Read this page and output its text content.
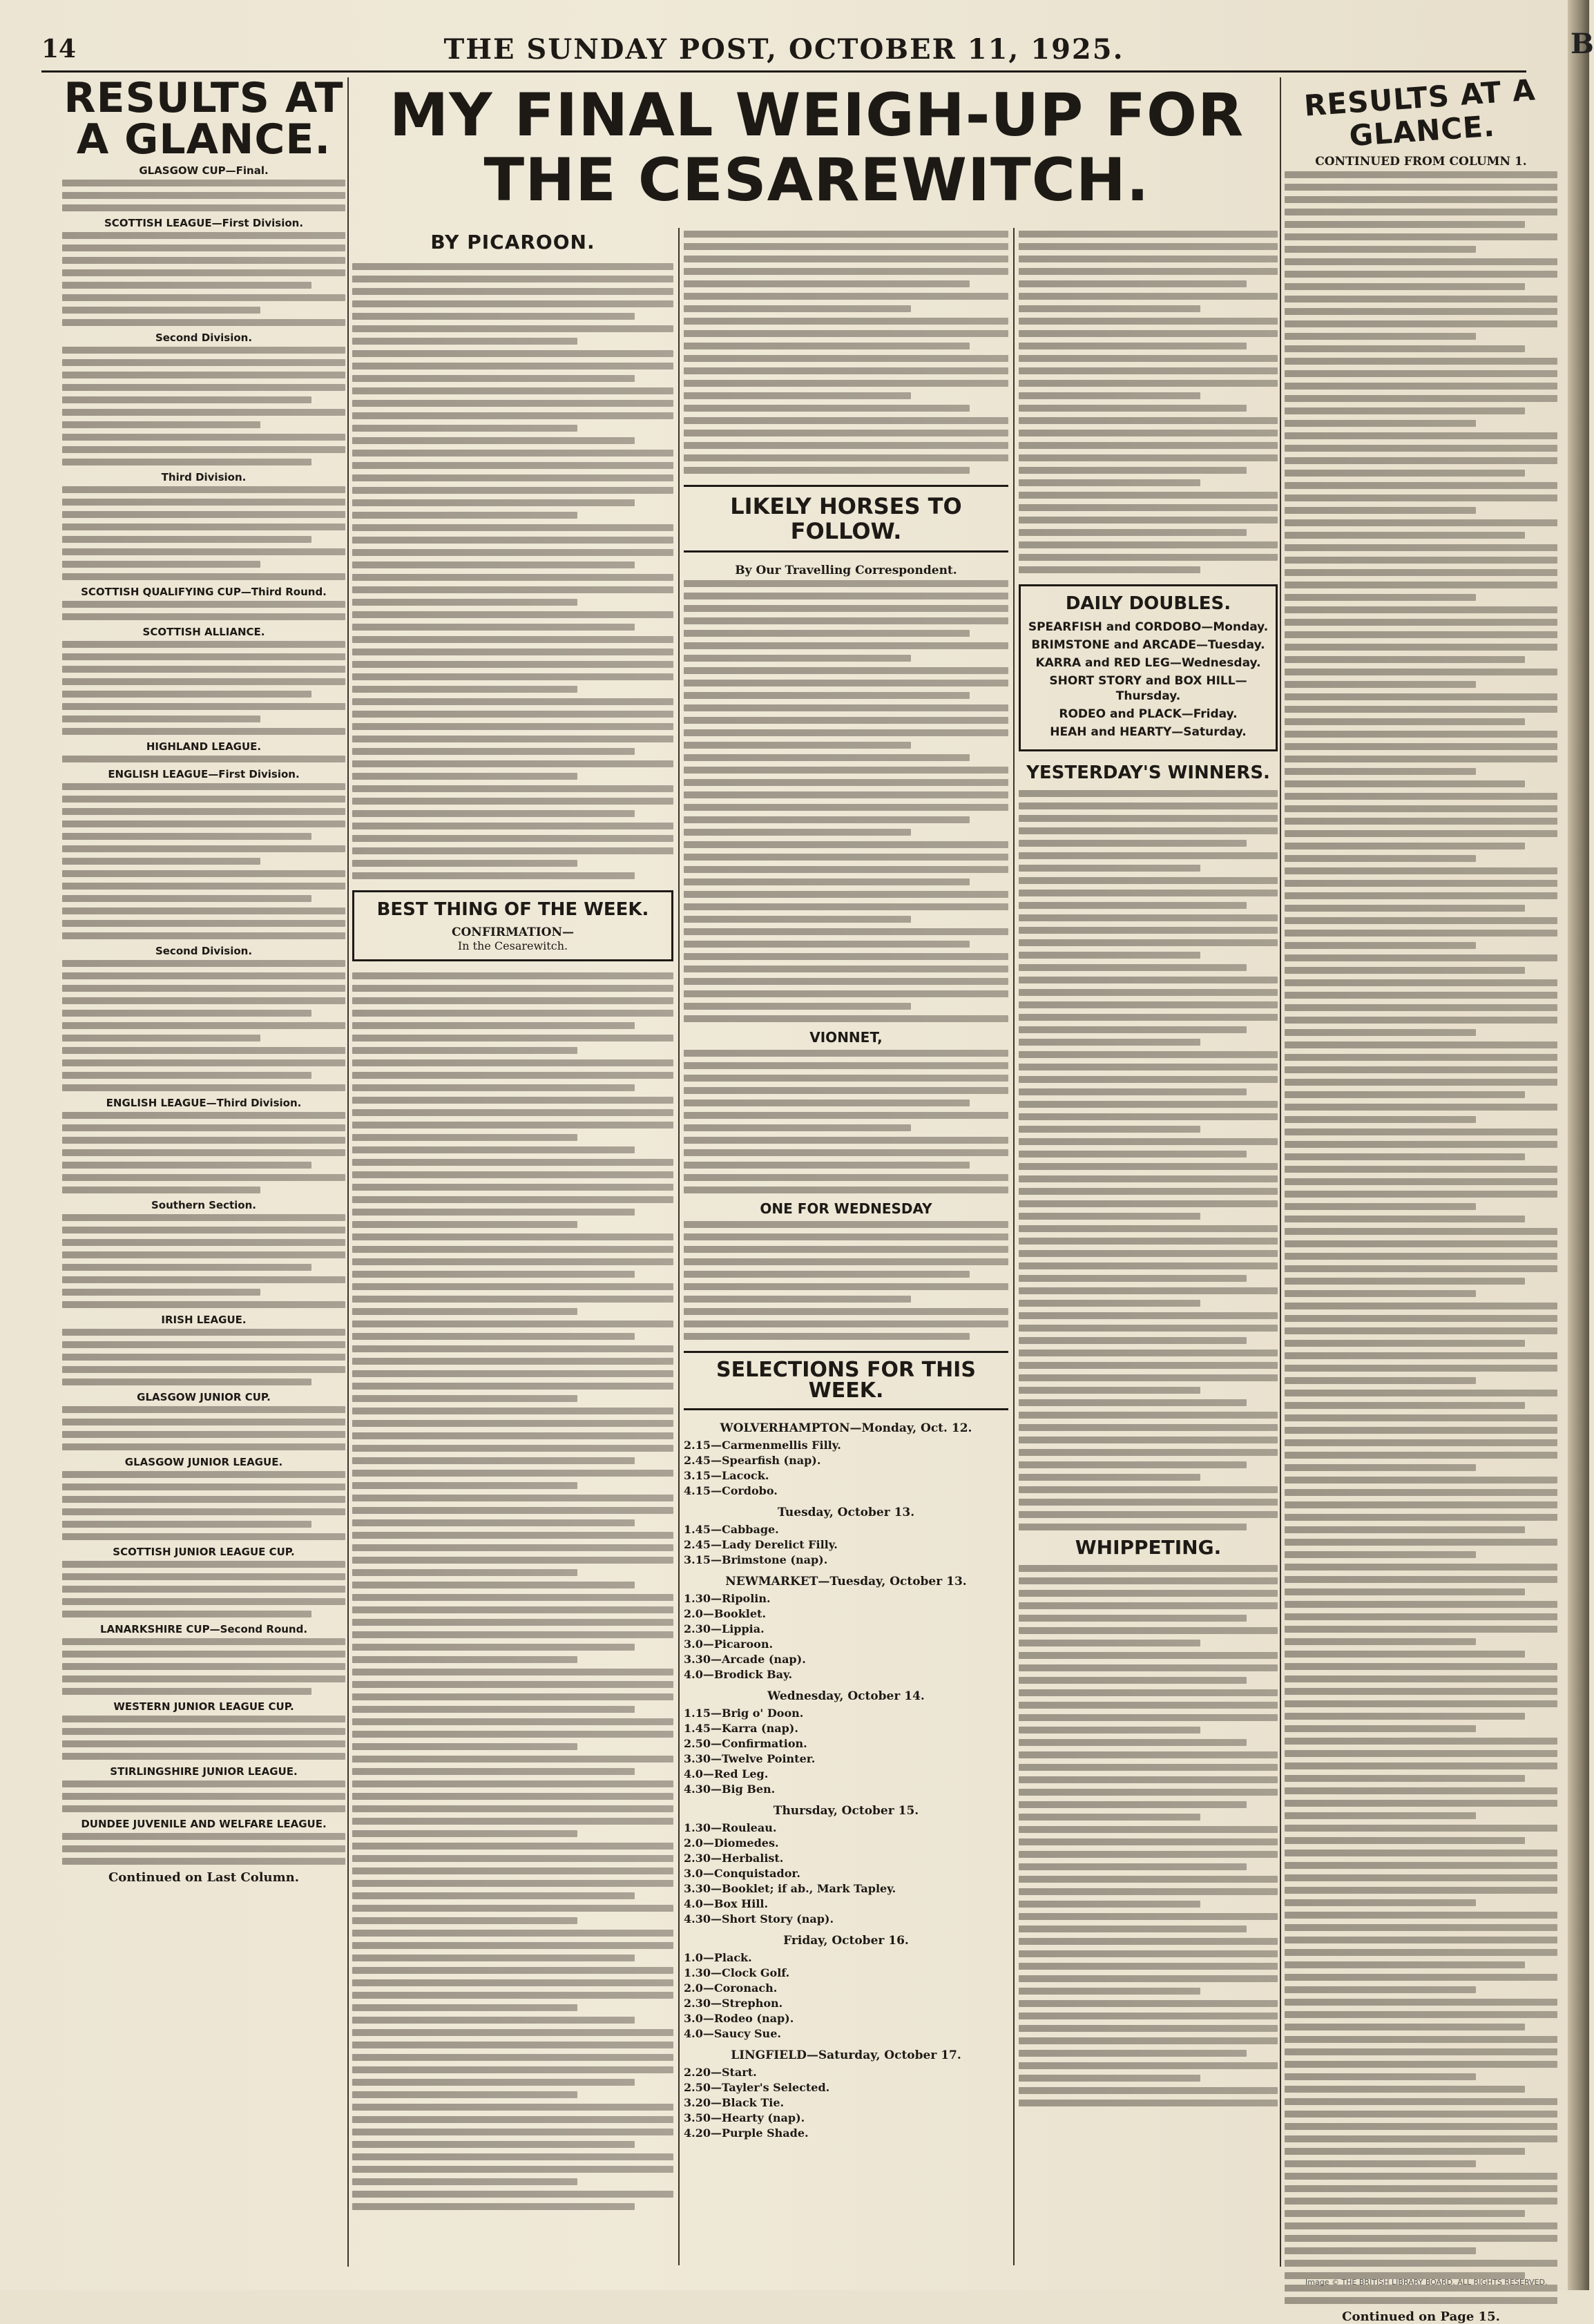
B
14	THE SUNDAY POST, OCTOBER 11, 1925.
RESULTS AT A GLANCE.
GLASGOW CUP—Final.
SCOTTISH LEAGUE—First Division.
Second Division.
Third Division.
SCOTTISH QUALIFYING CUP—Third Round.
SCOTTISH ALLIANCE.
HIGHLAND LEAGUE.
ENGLISH LEAGUE—First Division.
Second Division.
ENGLISH LEAGUE—Third Division.
Southern Section.
IRISH LEAGUE.
GLASGOW JUNIOR CUP.
GLASGOW JUNIOR LEAGUE.
SCOTTISH JUNIOR LEAGUE CUP.
LANARKSHIRE CUP—Second Round.
WESTERN JUNIOR LEAGUE CUP.
STIRLINGSHIRE JUNIOR LEAGUE.
DUNDEE JUVENILE AND WELFARE LEAGUE.
Continued on Last Column.
MY FINAL WEIGH-UP FOR THE CESAREWITCH.
BY PICAROON.
BEST THING OF THE WEEK.
CONFIRMATION—
In the Cesarewitch.
LIKELY HORSES TO FOLLOW.
By Our Travelling Correspondent.
VIONNET,
ONE FOR WEDNESDAY
SELECTIONS FOR THIS WEEK.
WOLVERHAMPTON—Monday, Oct. 12.
2.15—Carmenmellis Filly.
2.45—Spearfish (nap).
3.15—Lacock.
4.15—Cordobo.
Tuesday, October 13.
1.45—Cabbage.
2.45—Lady Derelict Filly.
3.15—Brimstone (nap).
NEWMARKET—Tuesday, October 13.
1.30—Ripolin.
2.0—Booklet.
2.30—Lippia.
3.0—Picaroon.
3.30—Arcade (nap).
4.0—Brodick Bay.
Wednesday, October 14.
1.15—Brig o' Doon.
1.45—Karra (nap).
2.50—Confirmation.
3.30—Twelve Pointer.
4.0—Red Leg.
4.30—Big Ben.
Thursday, October 15.
1.30—Rouleau.
2.0—Diomedes.
2.30—Herbalist.
3.0—Conquistador.
3.30—Booklet; if ab., Mark Tapley.
4.0—Box Hill.
4.30—Short Story (nap).
Friday, October 16.
1.0—Plack.
1.30—Clock Golf.
2.0—Coronach.
2.30—Strephon.
3.0—Rodeo (nap).
4.0—Saucy Sue.
LINGFIELD—Saturday, October 17.
2.20—Start.
2.50—Tayler's Selected.
3.20—Black Tie.
3.50—Hearty (nap).
4.20—Purple Shade.
DAILY DOUBLES.
SPEARFISH and CORDOBO—Monday.
BRIMSTONE and ARCADE—Tuesday.
KARRA and RED LEG—Wednesday.
SHORT STORY and BOX HILL—Thursday.
RODEO and PLACK—Friday.
HEAH and HEARTY—Saturday.
YESTERDAY'S WINNERS.
WHIPPETING.
RESULTS AT A GLANCE.
CONTINUED FROM COLUMN 1.
Continued on Page 15.
Image © THE BRITISH LIBRARY BOARD. ALL RIGHTS RESERVED.
